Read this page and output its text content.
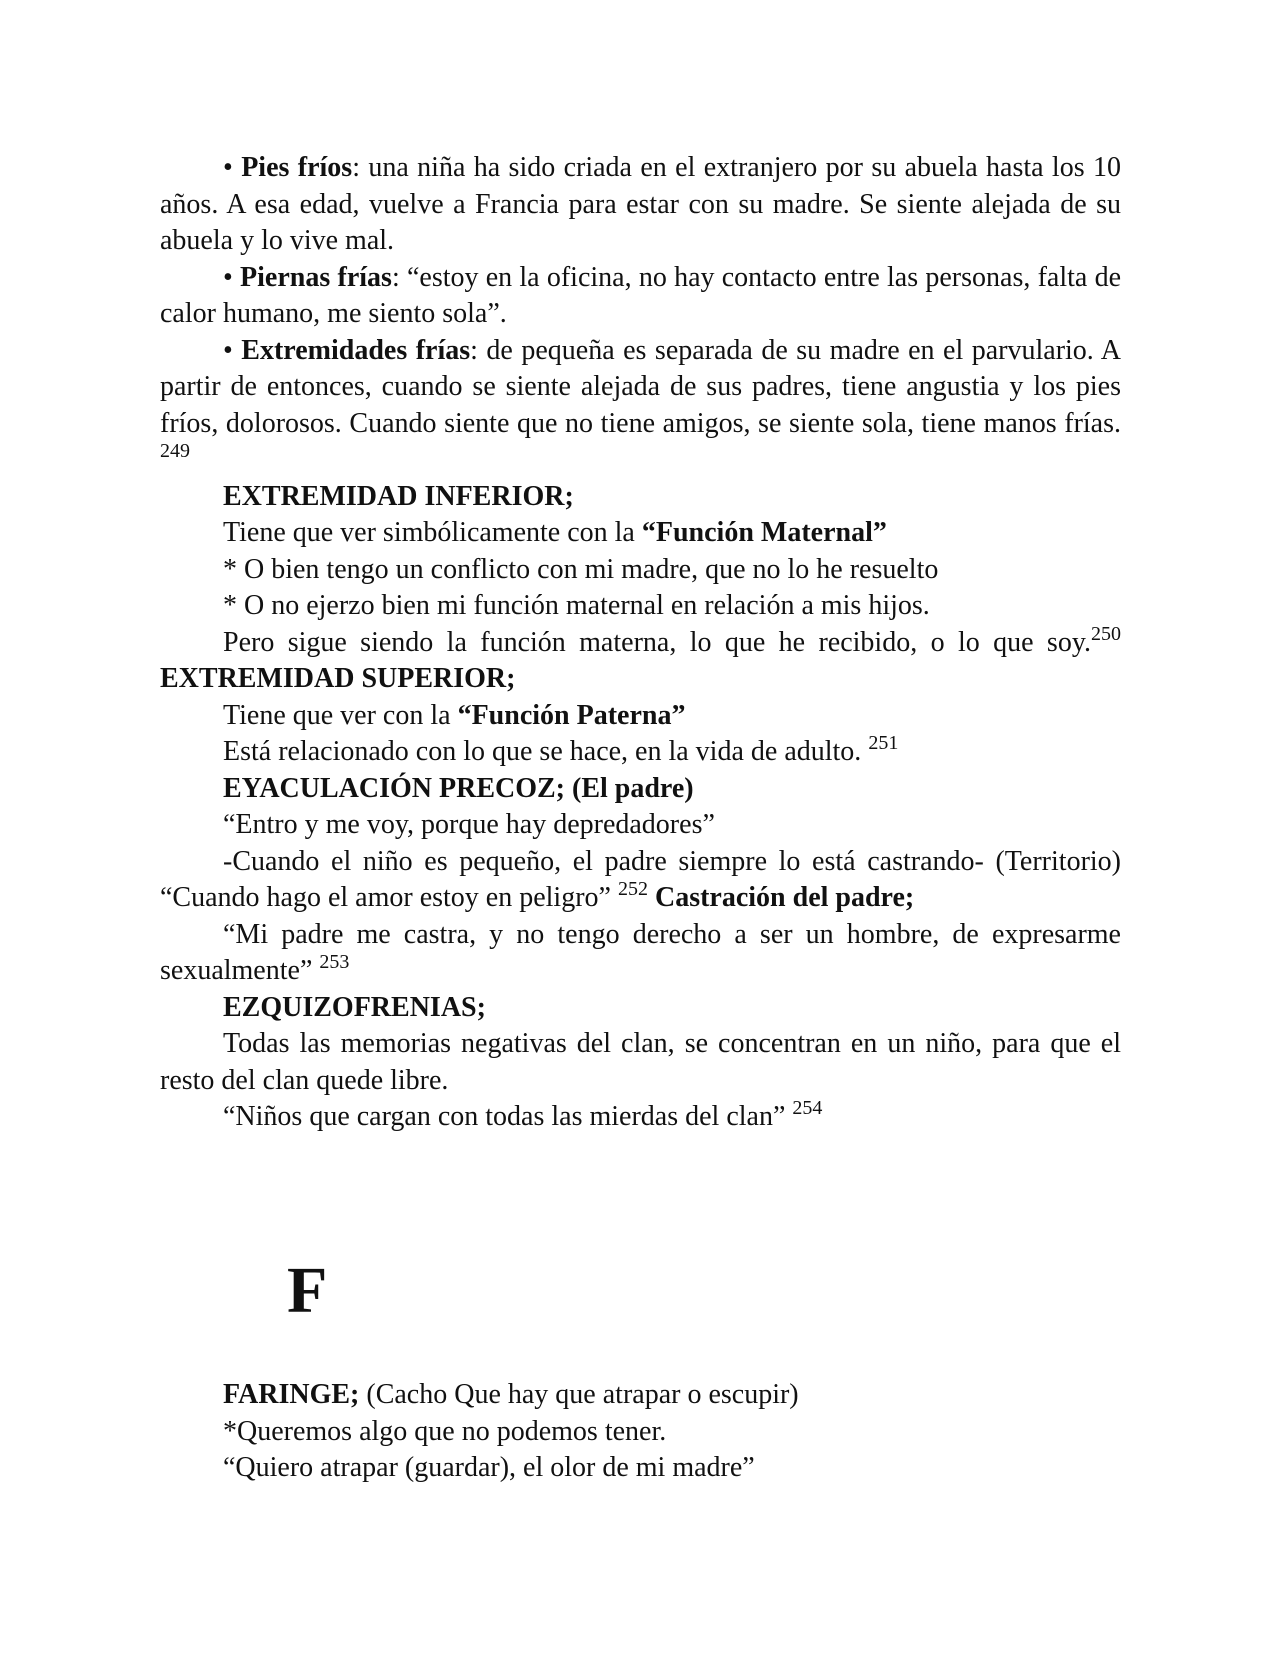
• Pies fríos: una niña ha sido criada en el extranjero por su abuela hasta los 10 años. A esa edad, vuelve a Francia para estar con su madre. Se siente alejada de su abuela y lo vive mal.

• Piernas frías: “estoy en la oficina, no hay contacto entre las personas, falta de calor humano, me siento sola”.

• Extremidades frías: de pequeña es separada de su madre en el parvulario. A partir de entonces, cuando se siente alejada de sus padres, tiene angustia y los pies fríos, dolorosos. Cuando siente que no tiene amigos, se siente sola, tiene manos frías. $^{249}$

EXTREMIDAD INFERIOR;

Tiene que ver simbólicamente con la “Función Maternal”

* O bien tengo un conflicto con mi madre, que no lo he resuelto

* O no ejerzo bien mi función maternal en relación a mis hijos.

Pero sigue siendo la función materna, lo que he recibido, o lo que soy.$^{250}$ EXTREMIDAD SUPERIOR;

Tiene que ver con la “Función Paterna”

Está relacionado con lo que se hace, en la vida de adulto. $^{251}$

EYACULACIÓN PRECOZ; (El padre)

“Entro y me voy, porque hay depredadores”

-Cuando el niño es pequeño, el padre siempre lo está castrando- (Territorio) “Cuando hago el amor estoy en peligro” $^{252}$ Castración del padre;

“Mi padre me castra, y no tengo derecho a ser un hombre, de expresarme sexualmente” $^{253}$

EZQUIZOFRENIAS;

Todas las memorias negativas del clan, se concentran en un niño, para que el resto del clan quede libre.

“Niños que cargan con todas las mierdas del clan” $^{254}$

F

FARINGE; (Cacho Que hay que atrapar o escupir)

*Queremos algo que no podemos tener.

“Quiero atrapar (guardar), el olor de mi madre”
